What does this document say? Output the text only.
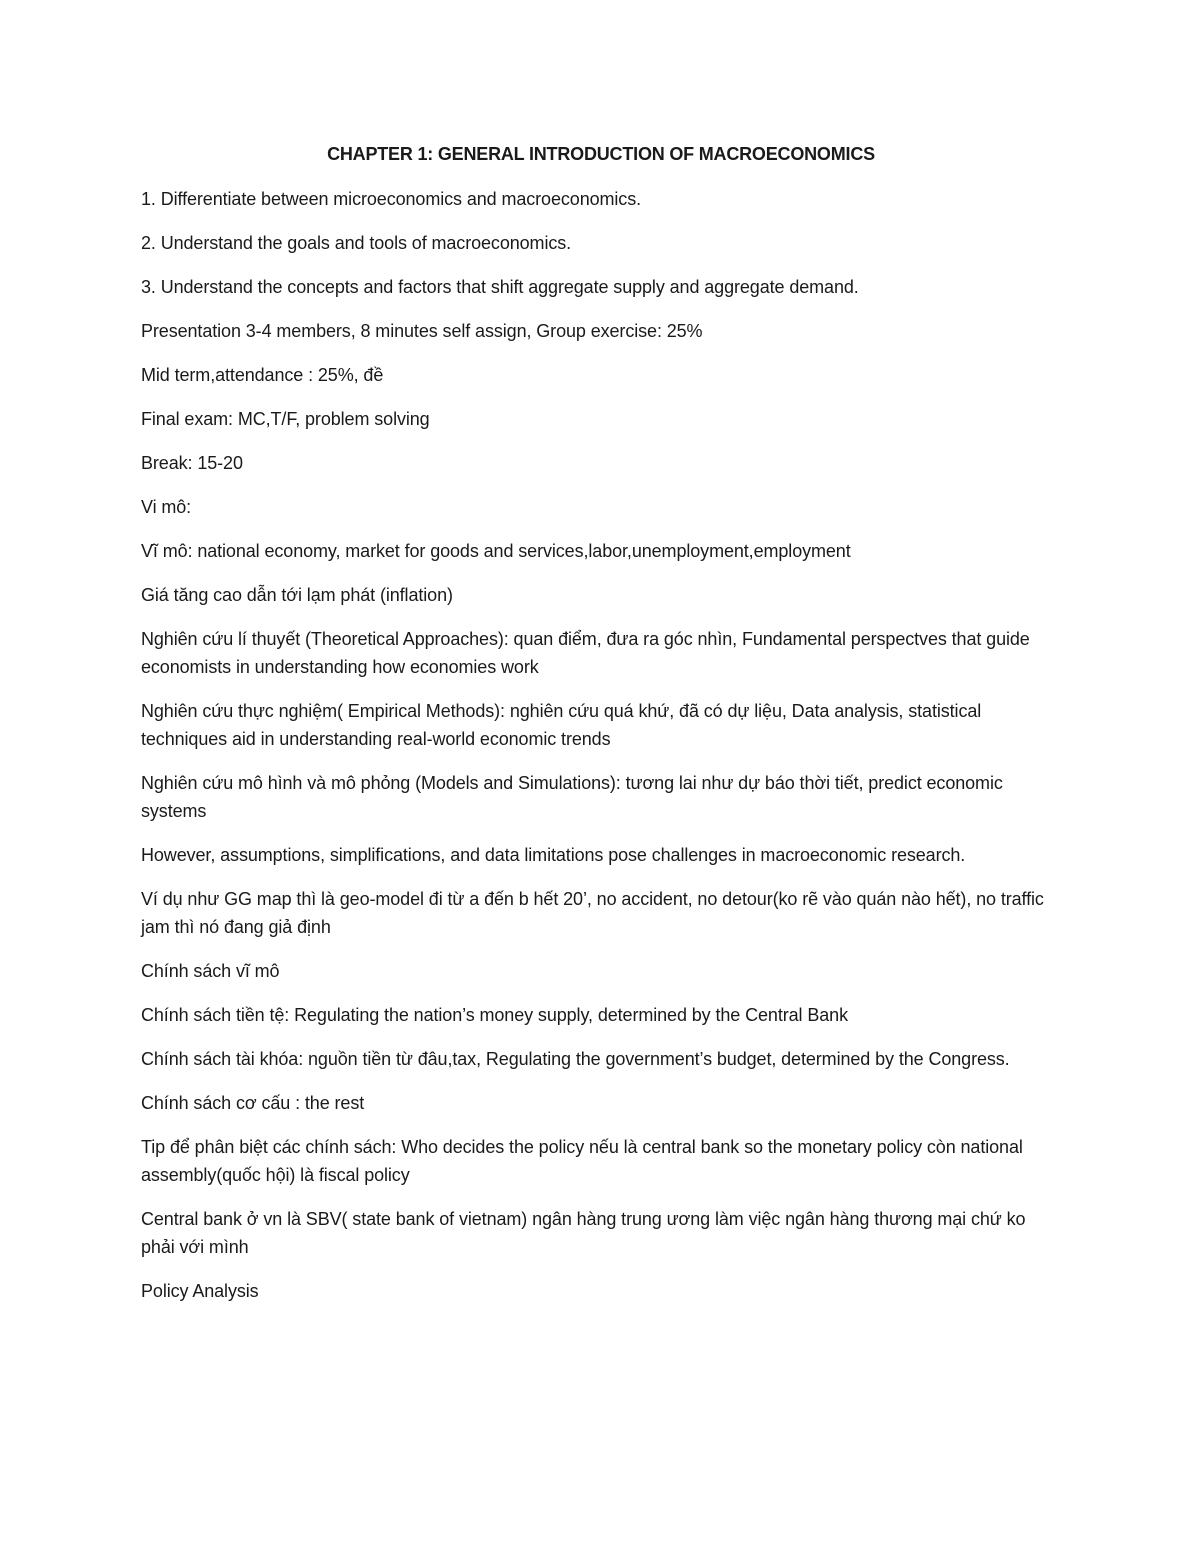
CHAPTER 1: GENERAL INTRODUCTION OF MACROECONOMICS

1. Differentiate between microeconomics and macroeconomics.

2. Understand the goals and tools of macroeconomics.

3. Understand the concepts and factors that shift aggregate supply and aggregate demand.

Presentation 3-4 members, 8 minutes self assign, Group exercise: 25%

Mid term,attendance : 25%, đề

Final exam: MC,T/F, problem solving

Break: 15-20

Vi mô:

Vĩ mô: national economy, market for goods and services,labor,unemployment,employment

Giá tăng cao dẫn tới lạm phát (inflation)

Nghiên cứu lí thuyết (Theoretical Approaches): quan điểm, đưa ra góc nhìn, Fundamental perspectves that guide economists in understanding how economies work

Nghiên cứu thực nghiệm( Empirical Methods): nghiên cứu quá khứ, đã có dự liệu, Data analysis, statistical techniques aid in understanding real-world economic trends

Nghiên cứu mô hình và mô phỏng (Models and Simulations): tương lai như dự báo thời tiết, predict economic systems

However, assumptions, simplifications, and data limitations pose challenges in macroeconomic research.

Ví dụ như GG map thì là geo-model đi từ a đến b hết 20’, no accident, no detour(ko rẽ vào quán nào hết), no traffic jam thì nó đang giả định

Chính sách vĩ mô

Chính sách tiền tệ: Regulating the nation’s money supply, determined by the Central Bank

Chính sách tài khóa: nguồn tiền từ đâu,tax, Regulating the government’s budget, determined by the Congress.

Chính sách cơ cấu : the rest

Tip để phân biệt các chính sách: Who decides the policy nếu là central bank so the monetary policy còn national assembly(quốc hội) là fiscal policy

Central bank ở vn là SBV( state bank of vietnam) ngân hàng trung ương làm việc ngân hàng thương mại chứ ko phải với mình

Policy Analysis
